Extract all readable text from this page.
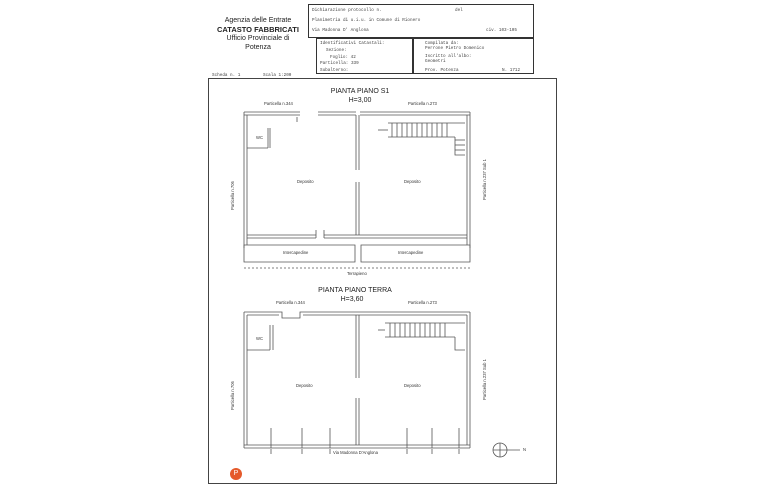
Agenzia delle Entrate
CATASTO FABBRICATI
Ufficio Provinciale di
Potenza
Dichiarazione protocollo n.	del
Planimetria di u.i.u. in Comune di Rionero
Via Madonna D' Anglona	civ. 103-105
Identificativi Catastali:
Sezione:
Foglio: 42
Particella: 339
Subalterno:
Compilata da:
Perrone Pietro Domenico
Iscritto all'albo:
Geometri
Prov. Potenza	N. 1712
Scheda n. 1	Scala 1:200
PIANTA PIANO S1
H=3,00
PIANTA PIANO TERRA
H=3,60
Particella n.344	Particella n.273
Particella n.706	Particella n.237 Sub 1
WC
Deposito	Deposito
Intercapedine	Intercapedine
Terrapieno
Particella n.344	Particella n.273
Particella n.706	Particella n.237 Sub 1
WC
Deposito	Deposito
Via Madonna D'Anglona
N
P
